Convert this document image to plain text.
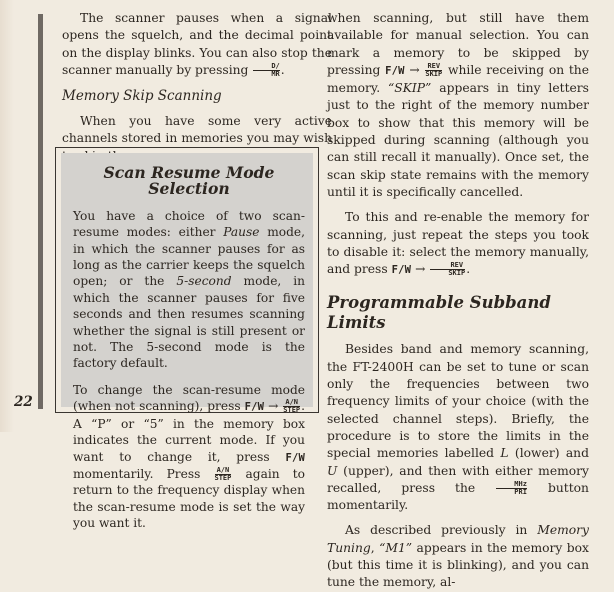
The scanner pauses when a signal opens the squelch, and the decimal point on the display blinks. You can also stop the scanner manually by pressing $\frac{D/}{MR}$ .

Memory Skip Scanning

When you have some very active channels stored in memories you may wish

Scan Resume Mode Selection

You have a choice of two scan-resume modes: either Pause mode, in which the scanner pauses for as long as the carrier keeps the squelch open; or the 5-second mode, in which the scanner pauses for five seconds and then resumes scanning whether the signal is still present or not. The 5-second mode is the factory default.

To change the scan-resume mode (when not scanning), press $F/W \to \frac{A/N}{\text{STEP}}$ . A “P” or “5” in the memory box indicates the current mode. If you want to change it, press F/W momentarily. Press $\frac{A/N}{\text{STEP}}$ again to return to the frequency display when the scan-resume mode is set the way you want it.

22

when scanning, but still have them available for manual selection. You can mark a memory to be skipped by pressing $F/W \to \frac{\text{REV}}{\text{SKIP}}$ while receiving on the memory. “SKIP” appears in tiny letters just to the right of the memory number box to show that this memory will be skipped during scanning (although you can still recall it manually). Once set, the scan skip state remains with the memory until it is specifically cancelled.

To this and re-enable the memory for scanning, just repeat the steps you took to disable it: select the memory manually, and press $F/W \to \frac{\text{REV}}{\text{SKIP}}$ .

Programmable Subband Limits

Besides band and memory scanning, the FT-2400H can be set to tune or scan only the frequencies between two frequency limits of your choice (with the selected channel steps). Briefly, the procedure is to store the limits in the special memories labelled L (lower) and U (upper), and then with either memory recalled, press the	$\frac{\text{MHz}}{\text{PRI}}$ button momentarily.

As described previously in Memory Tuning, “M1” appears in the memory box (but this time it is blinking), and you can tune the memory, al-
